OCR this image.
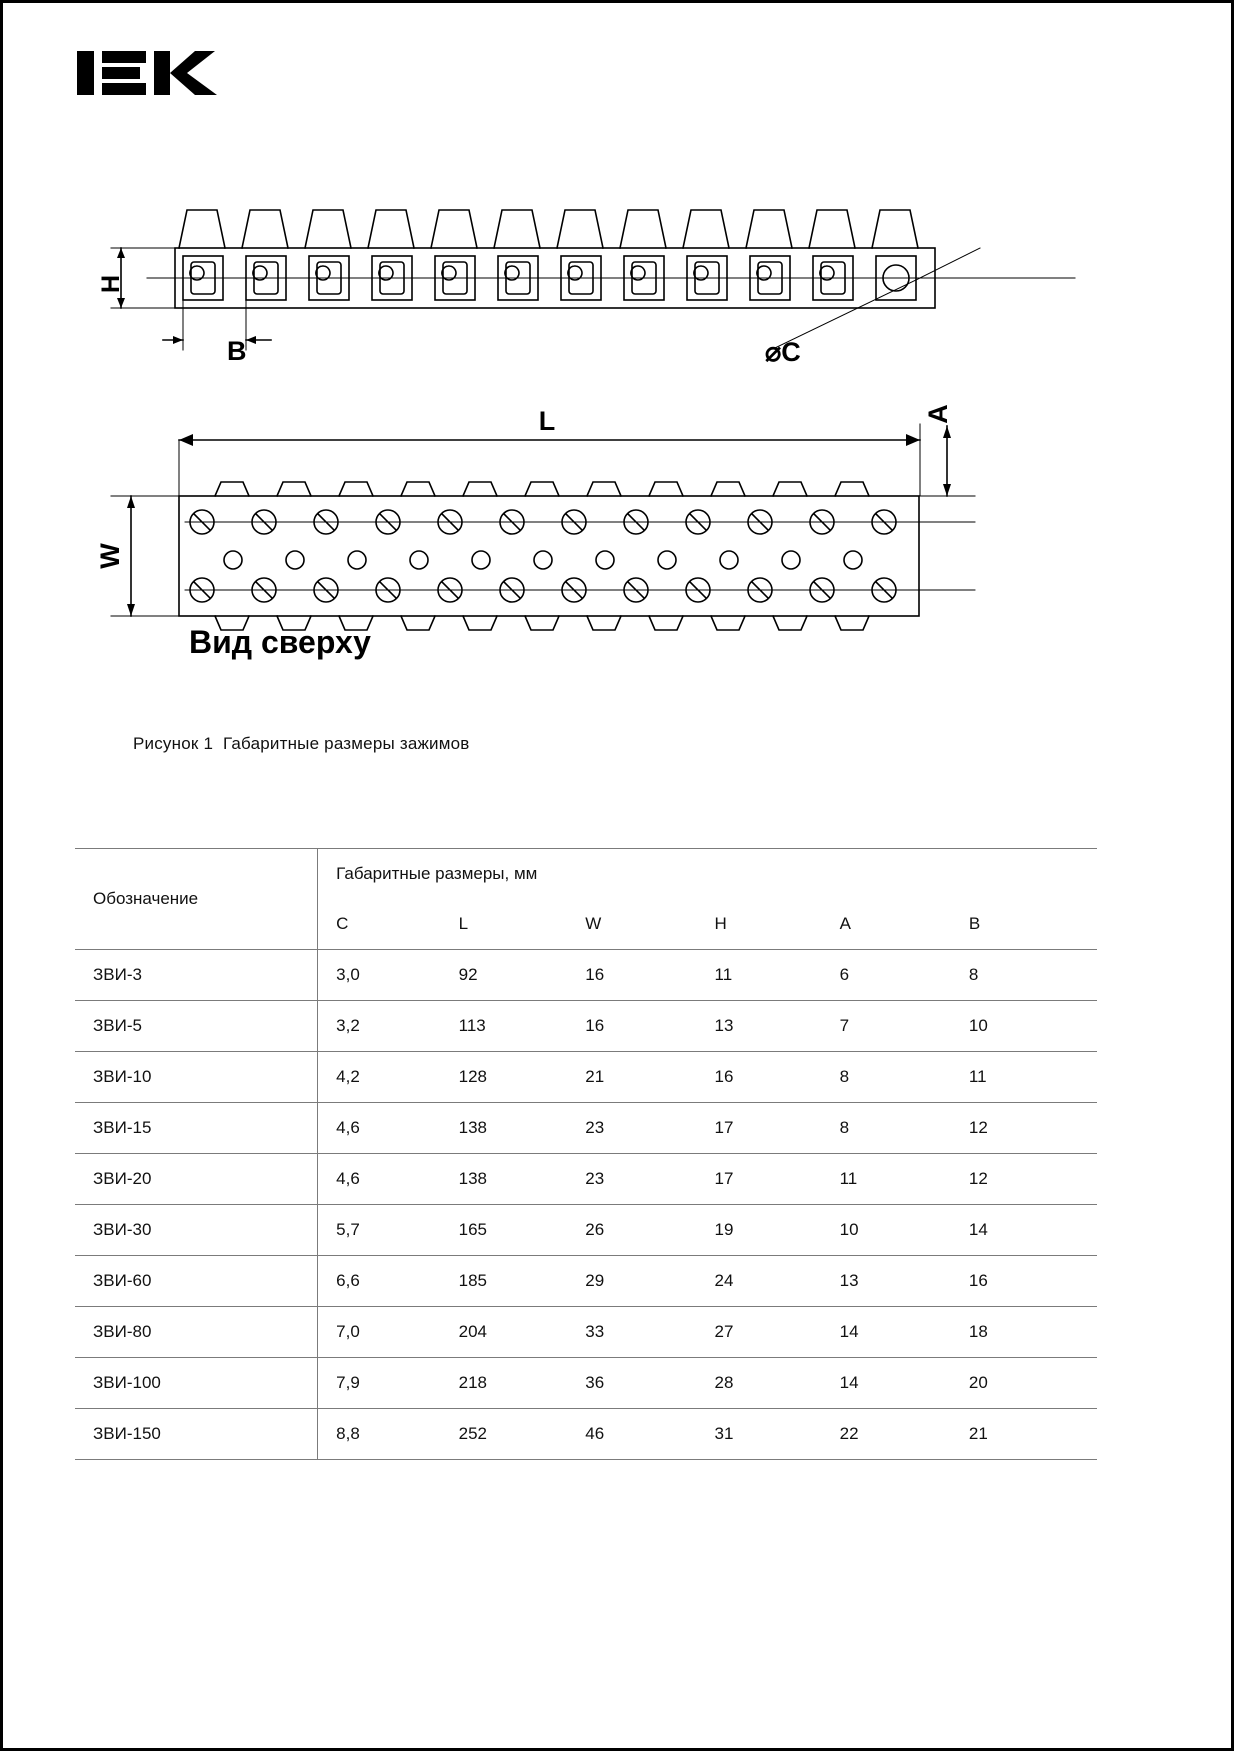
H
B	⌀C
L	A
W
Вид сверху
Рисунок 1  Габаритные размеры зажимов
Обозначение	Габаритные размеры, мм					
	C	L	W	H	A	B
ЗВИ-3	3,0	92	16	11	6	8
ЗВИ-5	3,2	113	16	13	7	10
ЗВИ-10	4,2	128	21	16	8	11
ЗВИ-15	4,6	138	23	17	8	12
ЗВИ-20	4,6	138	23	17	11	12
ЗВИ-30	5,7	165	26	19	10	14
ЗВИ-60	6,6	185	29	24	13	16
ЗВИ-80	7,0	204	33	27	14	18
ЗВИ-100	7,9	218	36	28	14	20
ЗВИ-150	8,8	252	46	31	22	21
